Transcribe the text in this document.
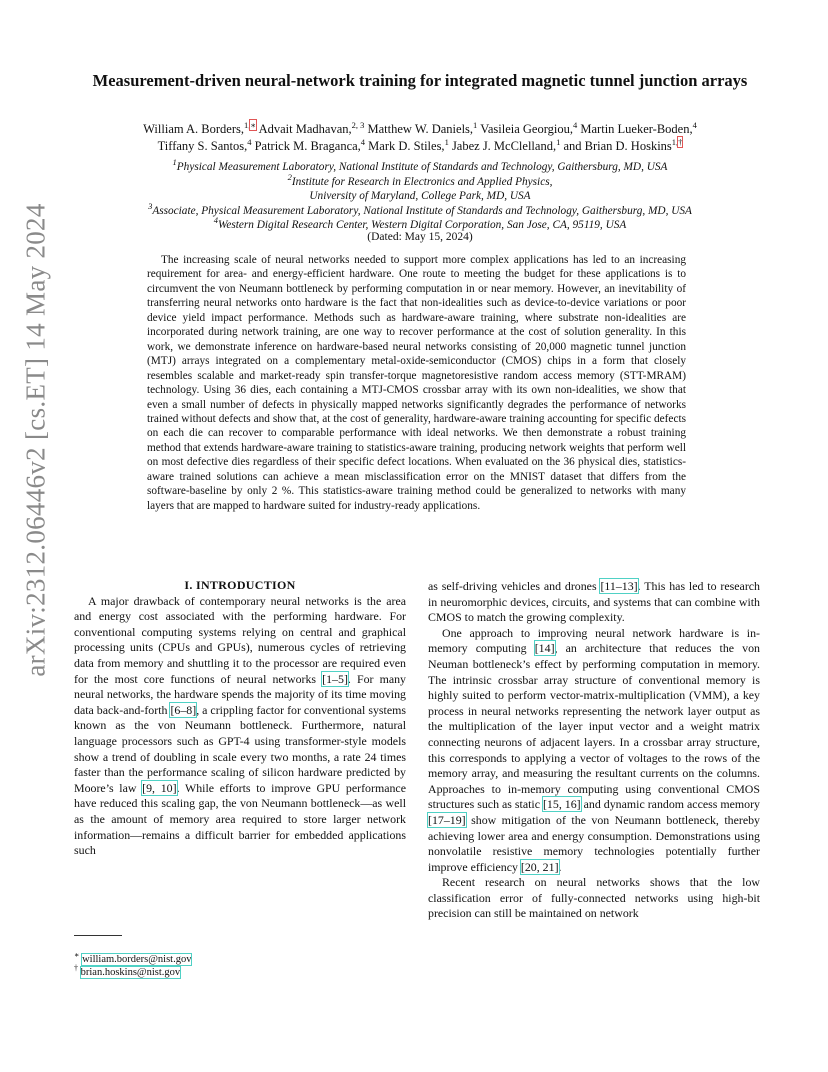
arXiv:2312.06446v2 [cs.ET] 14 May 2024
Measurement-driven neural-network training for integrated magnetic tunnel junction arrays
William A. Borders,$^{1,∗}$ Advait Madhavan,$^{2, 3}$ Matthew W. Daniels,$^1$ Vasileia Georgiou,$^4$ Martin Lueker-Boden,$^4$
Tiffany S. Santos,$^4$ Patrick M. Braganca,$^4$ Mark D. Stiles,$^1$ Jabez J. McClelland,$^1$ and Brian D. Hoskins$^{1,\dagger}$
$^1$Physical Measurement Laboratory, National Institute of Standards and Technology, Gaithersburg, MD, USA
$^2$Institute for Research in Electronics and Applied Physics,
University of Maryland, College Park, MD, USA
$^3$Associate, Physical Measurement Laboratory, National Institute of Standards and Technology, Gaithersburg, MD, USA
$^4$Western Digital Research Center, Western Digital Corporation, San Jose, CA, 95119, USA
(Dated: May 15, 2024)

The increasing scale of neural networks needed to support more complex applications has led to an increasing requirement for area- and energy-efficient hardware. One route to meeting the budget for these applications is to circumvent the von Neumann bottleneck by performing computation in or near memory. However, an inevitability of transferring neural networks onto hardware is the fact that non-idealities such as device-to-device variations or poor device yield impact performance. Methods such as hardware-aware training, where substrate non-idealities are incorporated during network training, are one way to recover performance at the cost of solution generality. In this work, we demonstrate inference on hardware-based neural networks consisting of 20,000 magnetic tunnel junction (MTJ) arrays integrated on a complementary metal-oxide-semiconductor (CMOS) chips in a form that closely resembles scalable and market-ready spin transfer-torque magnetoresistive random access memory (STT-MRAM) technology. Using 36 dies, each containing a MTJ-CMOS crossbar array with its own non-idealities, we show that even a small number of defects in physically mapped networks significantly degrades the performance of networks trained without defects and show that, at the cost of generality, hardware-aware training accounting for specific defects on each die can recover to comparable performance with ideal networks. We then demonstrate a robust training method that extends hardware-aware training to statistics-aware training, producing network weights that perform well on most defective dies regardless of their specific defect locations. When evaluated on the 36 physical dies, statistics-aware trained solutions can achieve a mean misclassification error on the MNIST dataset that differs from the software-baseline by only 2 %. This statistics-aware training method could be generalized to networks with many layers that are mapped to hardware suited for industry-ready applications.

I. INTRODUCTION

A major drawback of contemporary neural networks is the area and energy cost associated with the performing hardware. For conventional computing systems relying on central and graphical processing units (CPUs and GPUs), numerous cycles of retrieving data from memory and shuttling it to the processor are required even for the most core functions of neural networks [1–5]. For many neural networks, the hardware spends the majority of its time moving data back-and-forth [6–8], a crippling factor for conventional systems known as the von Neumann bottleneck. Furthermore, natural language processors such as GPT-4 using transformer-style models show a trend of doubling in scale every two months, a rate 24 times faster than the performance scaling of silicon hardware predicted by Moore’s law [9, 10]. While efforts to improve GPU performance have reduced this scaling gap, the von Neumann bottleneck—as well as the amount of memory area required to store larger network information—remains a difficult barrier for embedded applications such

as self-driving vehicles and drones [11–13]. This has led to research in neuromorphic devices, circuits, and systems that can combine with CMOS to match the growing complexity.

One approach to improving neural network hardware is in-memory computing [14], an architecture that reduces the von Neuman bottleneck’s effect by performing computation in memory. The intrinsic crossbar array structure of conventional memory is highly suited to perform vector-matrix-multiplication (VMM), a key process in neural networks representing the network layer output as the multiplication of the layer input vector and a weight matrix connecting neurons of adjacent layers. In a crossbar array structure, this corresponds to applying a vector of voltages to the rows of the memory array, and measuring the resultant currents on the columns. Approaches to in-memory computing using conventional CMOS structures such as static [15, 16] and dynamic random access memory [17–19] show mitigation of the von Neumann bottleneck, thereby achieving lower area and energy consumption. Demonstrations using nonvolatile resistive memory technologies potentially further improve efficiency [20, 21].

Recent research on neural networks shows that the low classification error of fully-connected networks using high-bit precision can still be maintained on network

∗ william.borders@nist.gov
† brian.hoskins@nist.gov
